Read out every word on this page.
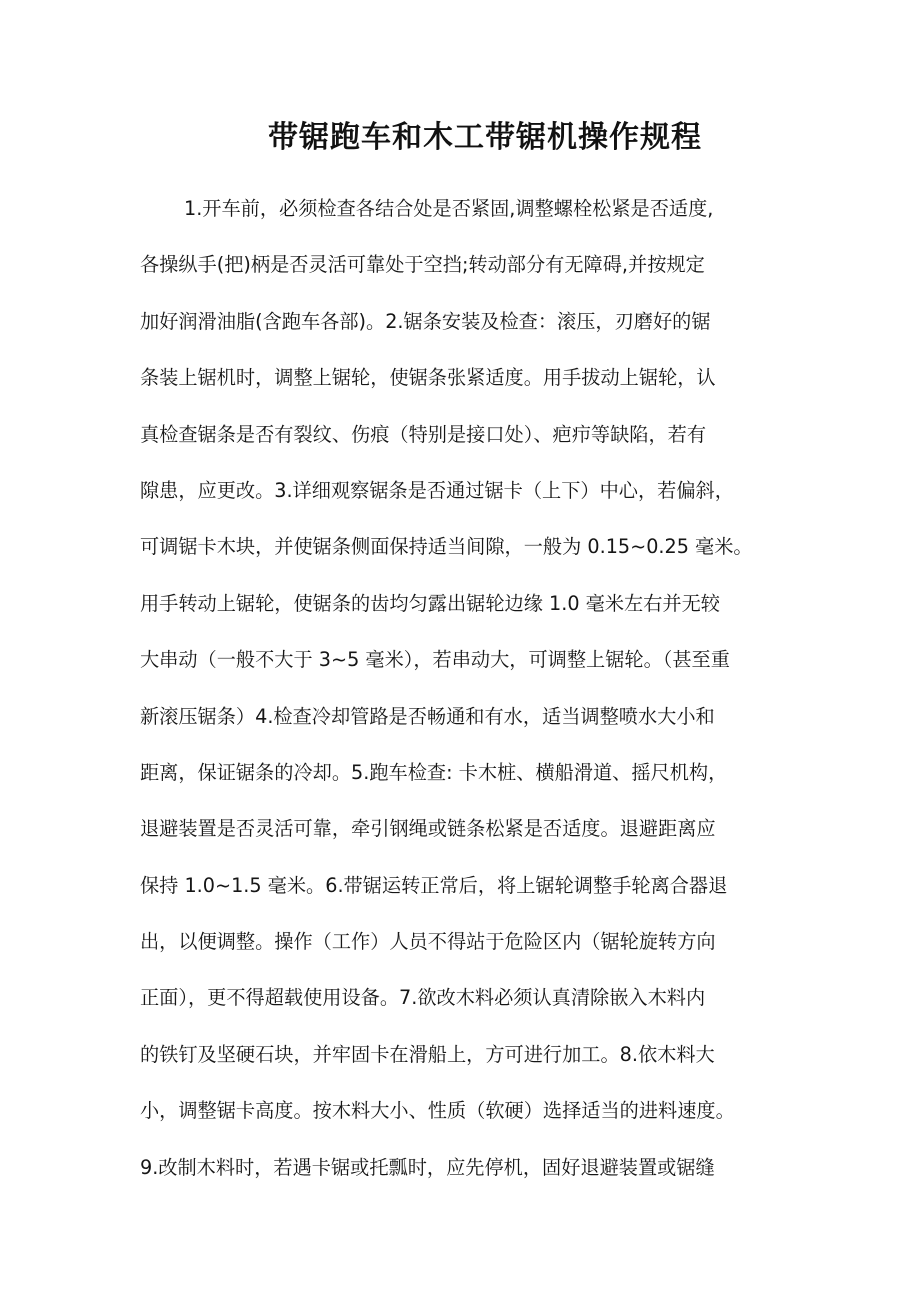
带锯跑车和木工带锯机操作规程
1.开车前，必须检查各结合处是否紧固,调整螺栓松紧是否适度,
各操纵手(把)柄是否灵活可靠处于空挡;转动部分有无障碍,并按规定
加好润滑油脂(含跑车各部)。2.锯条安装及检查：滚压，刃磨好的锯
条装上锯机时，调整上锯轮，使锯条张紧适度。用手拔动上锯轮，认
真检查锯条是否有裂纹、伤痕（特别是接口处）、疤疖等缺陷，若有
隙患，应更改。3.详细观察锯条是否通过锯卡（上下）中心，若偏斜，
可调锯卡木块，并使锯条侧面保持适当间隙，一般为 0.15~0.25 毫米。
用手转动上锯轮，使锯条的齿均匀露出锯轮边缘 1.0 毫米左右并无较
大串动（一般不大于 3~5 毫米），若串动大，可调整上锯轮。（甚至重
新滚压锯条）4.检查冷却管路是否畅通和有水，适当调整喷水大小和
距离，保证锯条的冷却。5.跑车检查: 卡木桩、横船滑道、摇尺机构，
退避装置是否灵活可靠，牵引钢绳或链条松紧是否适度。退避距离应
保持 1.0~1.5 毫米。6.带锯运转正常后，将上锯轮调整手轮离合器退
出，以便调整。操作（工作）人员不得站于危险区内（锯轮旋转方向
正面），更不得超载使用设备。7.欲改木料必须认真清除嵌入木料内
的铁钉及坚硬石块，并牢固卡在滑船上，方可进行加工。8.依木料大
小，调整锯卡高度。按木料大小、性质（软硬）选择适当的进料速度。
9.改制木料时，若遇卡锯或托瓢时，应先停机，固好退避装置或锯缝
